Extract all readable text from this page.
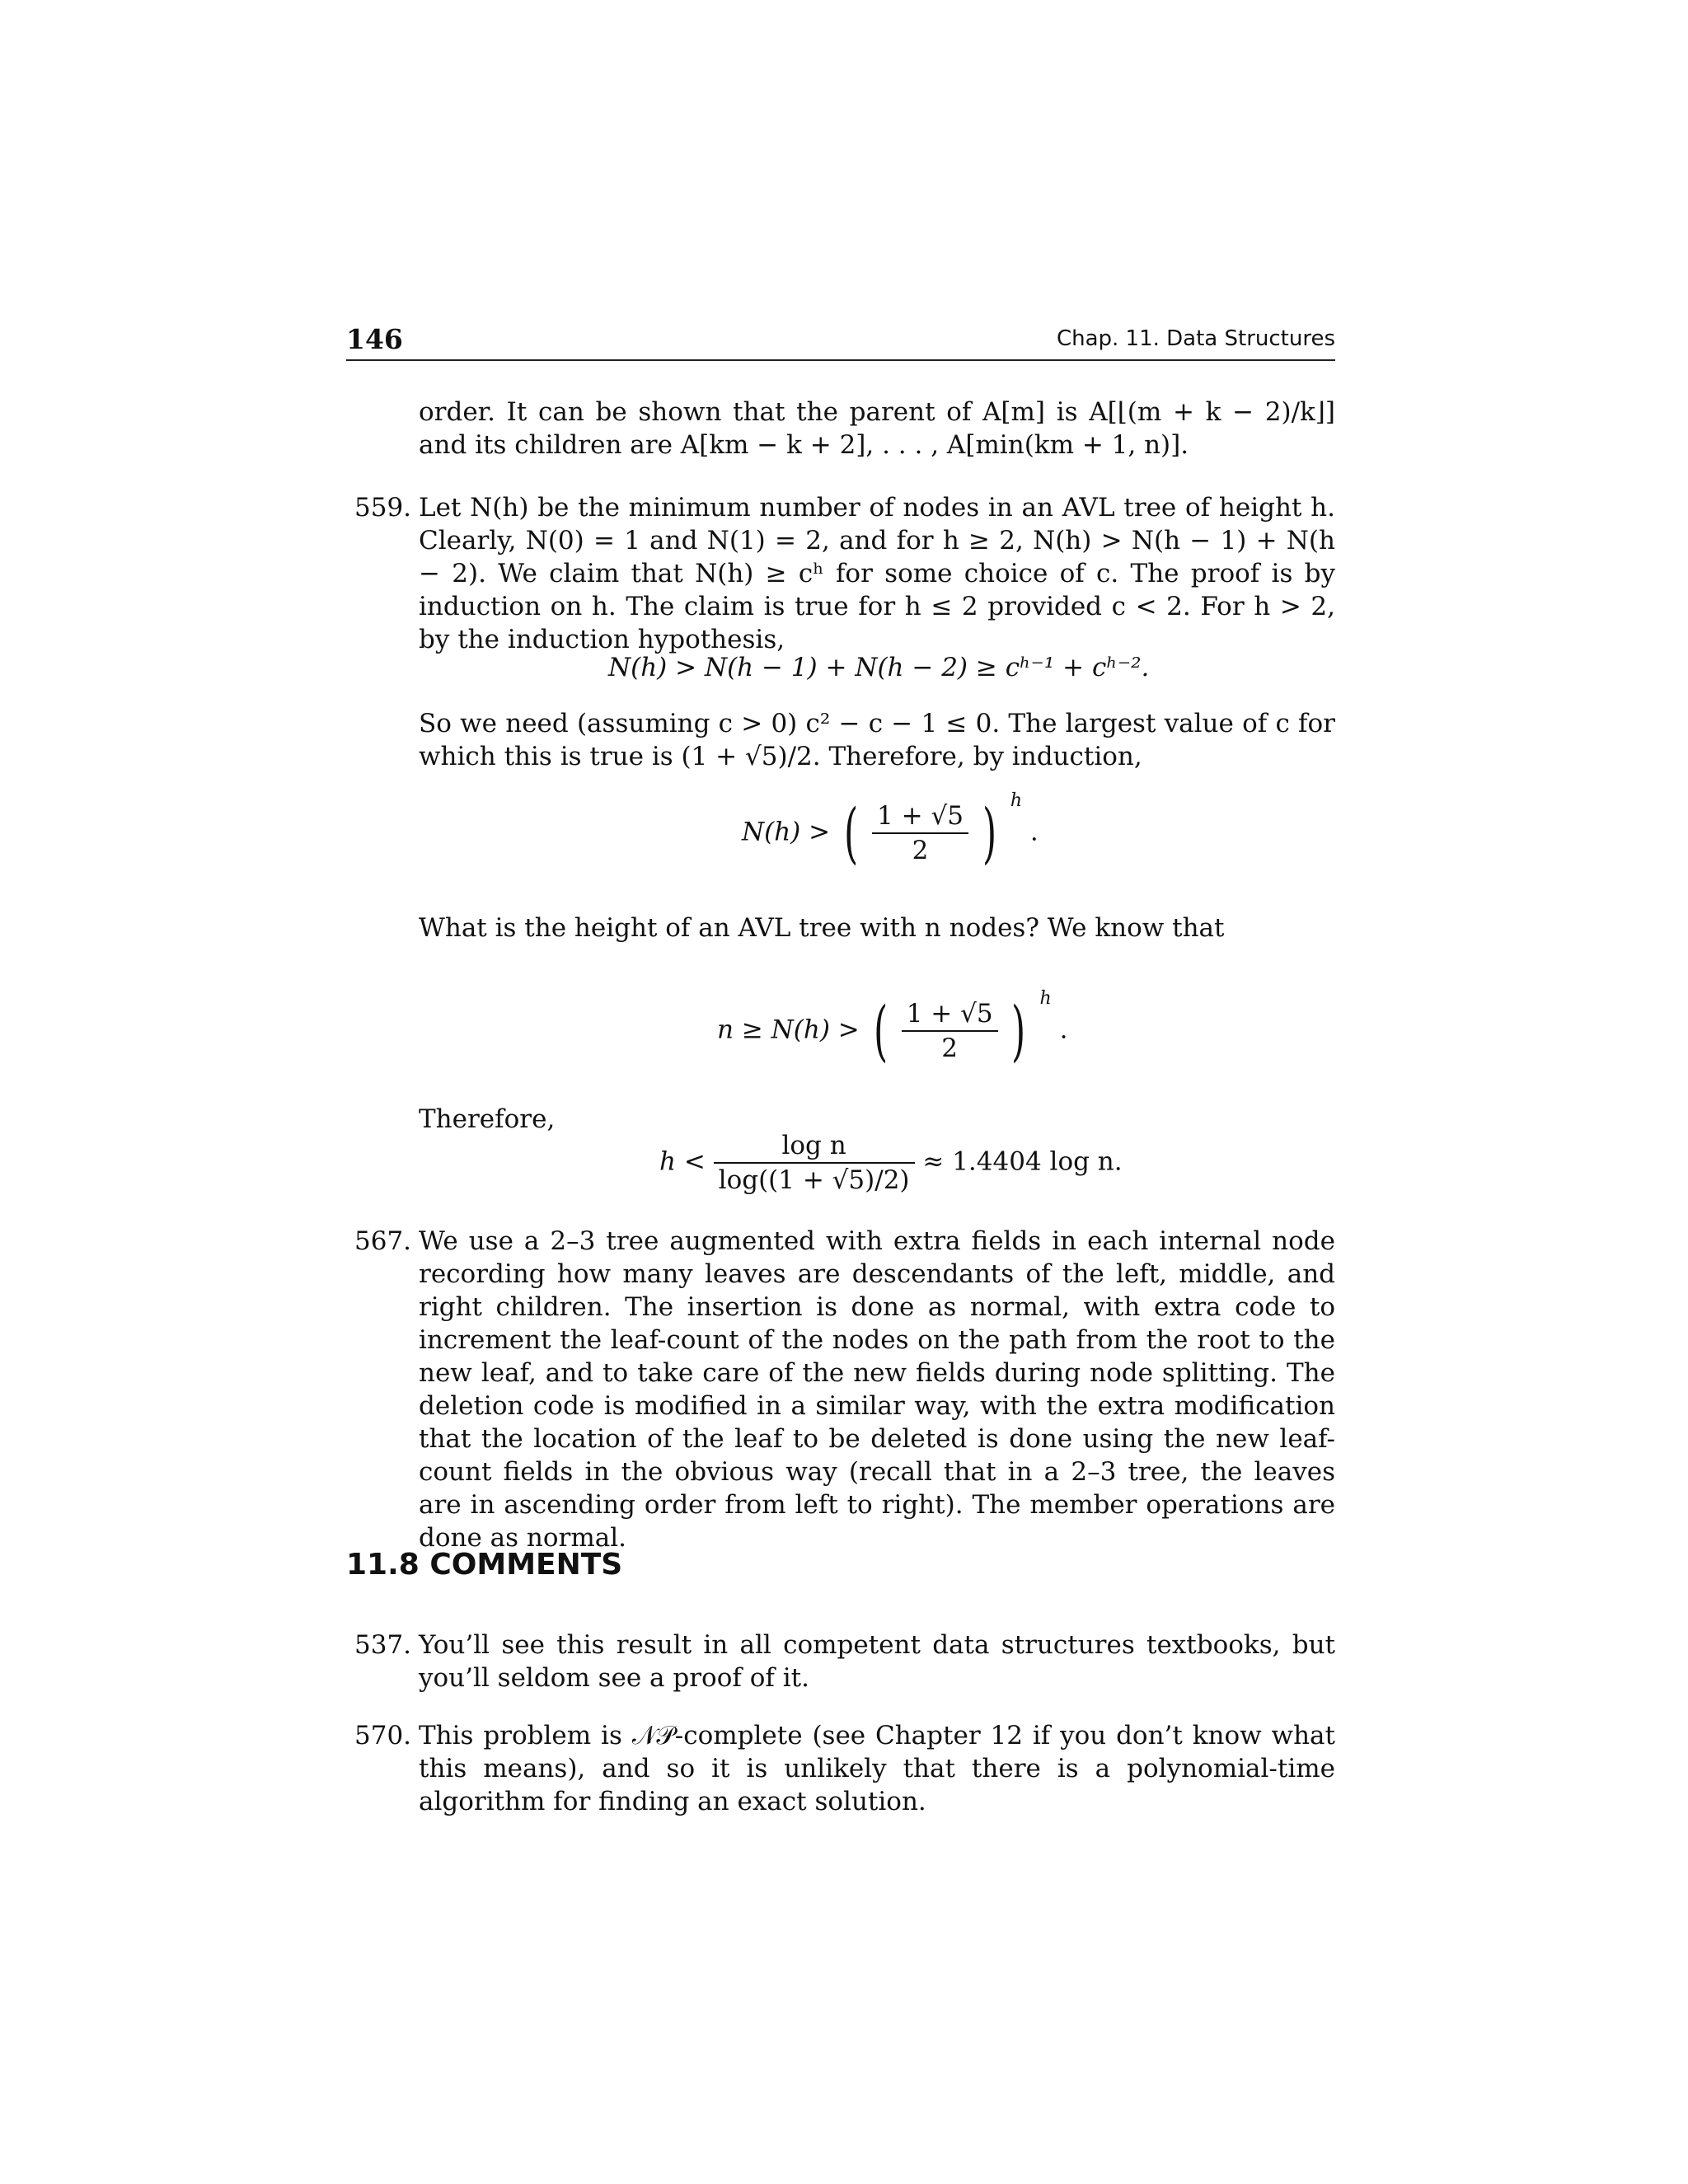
146	Chap. 11. Data Structures
order. It can be shown that the parent of A[m] is A[⌊(m + k − 2)/k⌋] and its children are A[km − k + 2], . . . , A[min(km + 1, n)].
559. Let N(h) be the minimum number of nodes in an AVL tree of height h. Clearly, N(0) = 1 and N(1) = 2, and for h ≥ 2, N(h) > N(h − 1) + N(h − 2). We claim that N(h) ≥ cʰ for some choice of c. The proof is by induction on h. The claim is true for h ≤ 2 provided c < 2. For h > 2, by the induction hypothesis,
N(h) > N(h − 1) + N(h − 2) ≥ cʰ⁻¹ + cʰ⁻².
So we need (assuming c > 0) c² − c − 1 ≤ 0. The largest value of c for which this is true is (1 + √5)/2. Therefore, by induction,
N(h) > ( $\frac{1 + √5}{2}$ ) $^h$ .
What is the height of an AVL tree with n nodes? We know that
n ≥ N(h) > ( $\frac{1 + √5}{2}$ ) $^h$ .
Therefore,
$h < \frac{\text{log n}}{\log((1 + √5)/2)} \approx 1.4404$ log n.
567. We use a 2–3 tree augmented with extra fields in each internal node recording how many leaves are descendants of the left, middle, and right children. The insertion is done as normal, with extra code to increment the leaf-count of the nodes on the path from the root to the new leaf, and to take care of the new fields during node splitting. The deletion code is modified in a similar way, with the extra modification that the location of the leaf to be deleted is done using the new leaf-count fields in the obvious way (recall that in a 2–3 tree, the leaves are in ascending order from left to right). The member operations are done as normal.
11.8 COMMENTS
537. You’ll see this result in all competent data structures textbooks, but you’ll seldom see a proof of it.
570. This problem is 𝒩𝒫-complete (see Chapter 12 if you don’t know what this means), and so it is unlikely that there is a polynomial-time algorithm for finding an exact solution.
